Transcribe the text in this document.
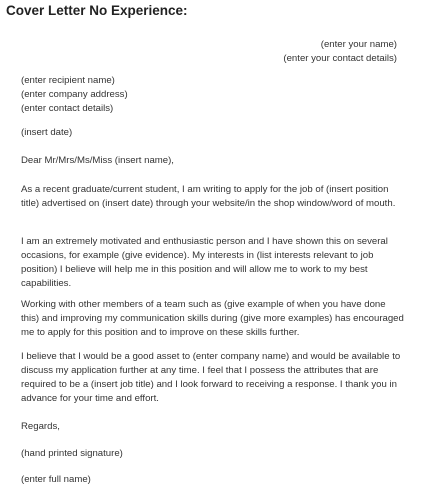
Cover Letter No Experience:
(enter your name)
(enter your contact details)
(enter recipient name)
(enter company address)
(enter contact details)
(insert date)
Dear Mr/Mrs/Ms/Miss (insert name),

As a recent graduate/current student, I am writing to apply for the job of (insert position title) advertised on (insert date) through your website/in the shop window/word of mouth.

I am an extremely motivated and enthusiastic person and I have shown this on several occasions, for example (give evidence). My interests in (list interests relevant to job position) I believe will help me in this position and will allow me to work to my best capabilities.

Working with other members of a team such as (give example of when you have done this) and improving my communication skills during (give more examples) has encouraged me to apply for this position and to improve on these skills further.

I believe that I would be a good asset to (enter company name) and would be available to discuss my application further at any time. I feel that I possess the attributes that are required to be a (insert job title) and I look forward to receiving a response. I thank you in advance for your time and effort.

Regards,
(hand printed signature)
(enter full name)
